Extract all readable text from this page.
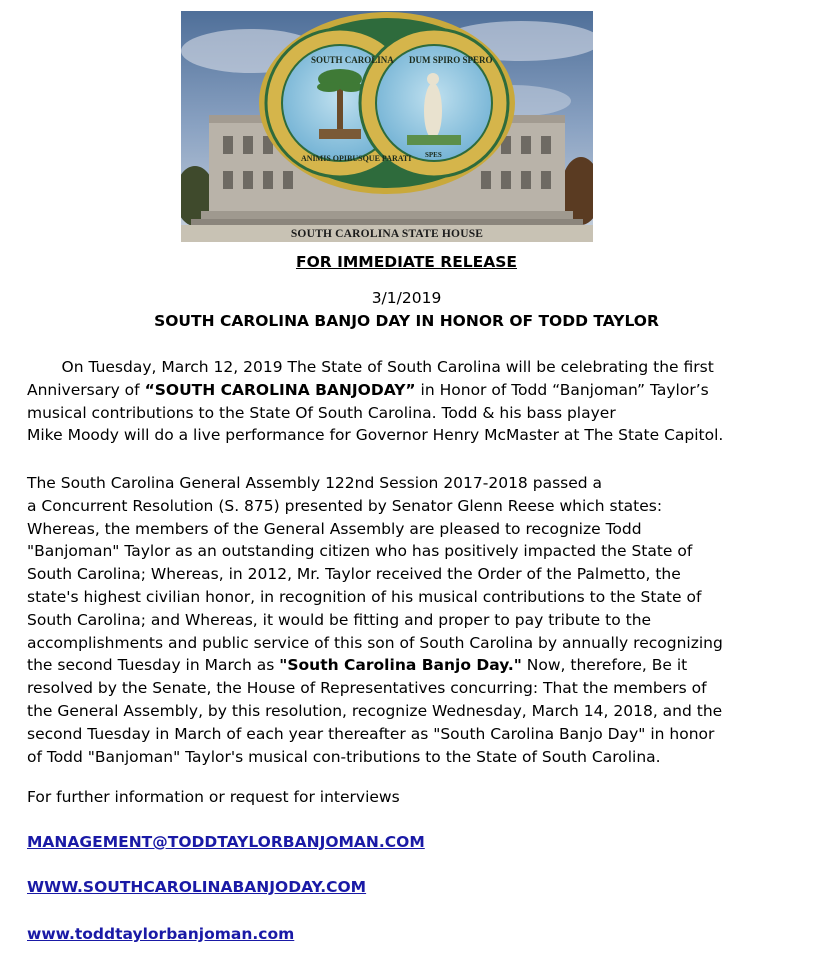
SOUTH CAROLINA
ANIMIS OPIBUSQUE PARATI
DUM SPIRO SPERO
SPES
SOUTH CAROLINA STATE HOUSE
FOR IMMEDIATE RELEASE
3/1/2019
SOUTH CAROLINA BANJO DAY IN HONOR OF TODD TAYLOR
On Tuesday, March 12, 2019 The State of South Carolina will be celebrating the first
Anniversary of “SOUTH CAROLINA BANJODAY” in Honor of Todd “Banjoman” Taylor’s
musical contributions to the State Of South Carolina. Todd & his bass player
Mike Moody will do a live performance for Governor Henry McMaster at The State Capitol.
The South Carolina General Assembly 122nd Session 2017-2018 passed a
a Concurrent Resolution (S. 875) presented by Senator Glenn Reese which states:
Whereas, the members of the General Assembly are pleased to recognize Todd
"Banjoman" Taylor as an outstanding citizen who has positively impacted the State of
South Carolina; Whereas, in 2012, Mr. Taylor received the Order of the Palmetto, the
state's highest civilian honor, in recognition of his musical contributions to the State of
South Carolina; and Whereas, it would be fitting and proper to pay tribute to the
accomplishments and public service of this son of South Carolina by annually recognizing
the second Tuesday in March as "South Carolina Banjo Day." Now, therefore, Be it
resolved by the Senate, the House of Representatives concurring: That the members of
the General Assembly, by this resolution, recognize Wednesday, March 14, 2018, and the
second Tuesday in March of each year thereafter as "South Carolina Banjo Day" in honor
of Todd "Banjoman" Taylor's musical con-tributions to the State of South Carolina.
For further information or request for interviews
MANAGEMENT@TODDTAYLORBANJOMAN.COM
WWW.SOUTHCAROLINABANJODAY.COM
www.toddtaylorbanjoman.com
